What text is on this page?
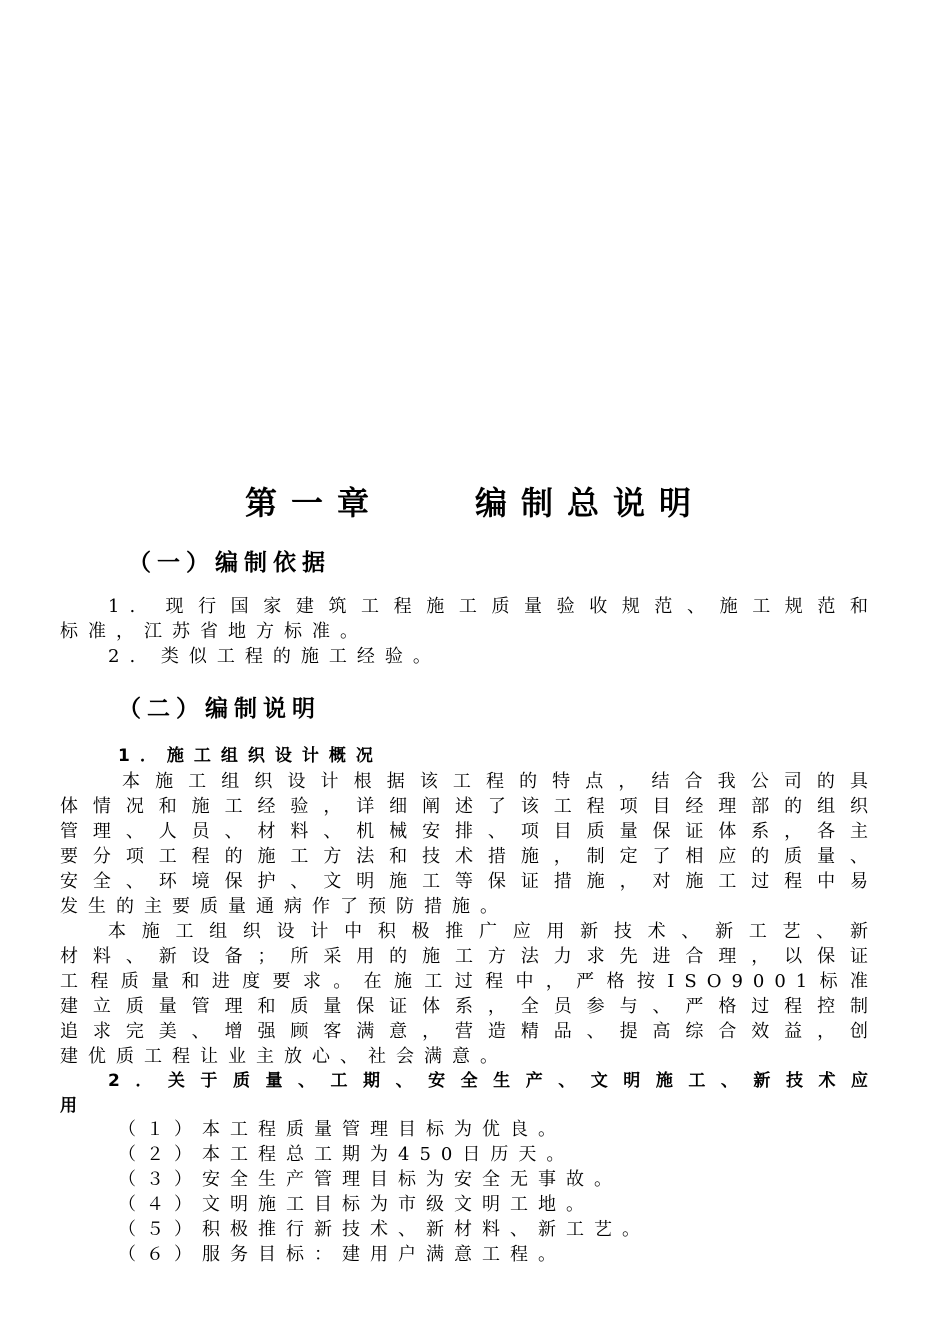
第一章　　编制总说明
（一）编制依据
1. 现行国家建筑工程施工质量验收规范、施工规范和
标准，江苏省地方标准。
2. 类似工程的施工经验。
（二）编制说明
1．施工组织设计概况
本施工组织设计根据该工程的特点，结合我公司的具
体情况和施工经验，详细阐述了该工程项目经理部的组织
管理、人员、材料、机械安排、项目质量保证体系，各主
要分项工程的施工方法和技术措施，制定了相应的质量、
安全、环境保护、文明施工等保证措施，对施工过程中易
发生的主要质量通病作了预防措施。
本施工组织设计中积极推广应用新技术、新工艺、新
材料、新设备；所采用的施工方法力求先进合理，以保证
工程质量和进度要求。在施工过程中，严格按ISO9001标准
建立质量管理和质量保证体系，全员参与、严格过程控制
追求完美、增强顾客满意，营造精品、提高综合效益，创
建优质工程让业主放心、社会满意。
2．关于质量、工期、安全生产、文明施工、新技术应
用
（１）本工程质量管理目标为优良。
（２）本工程总工期为450日历天。
（３）安全生产管理目标为安全无事故。
（４）文明施工目标为市级文明工地。
（５）积极推行新技术、新材料、新工艺。
（６）服务目标：建用户满意工程。
